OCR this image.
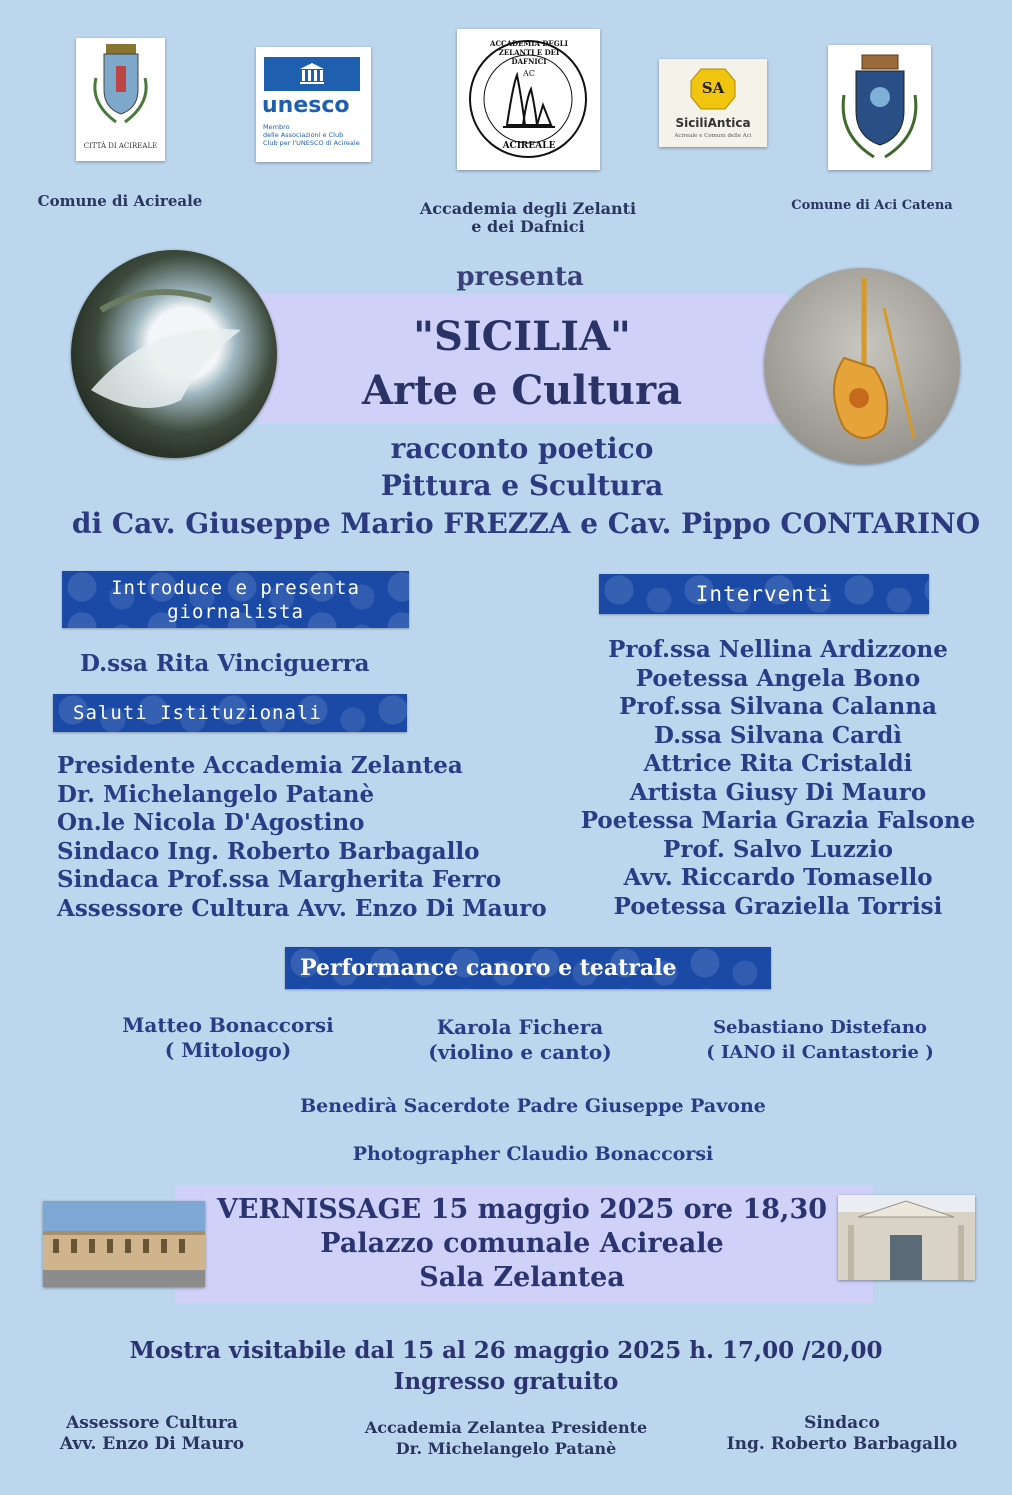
CITTÀ DI ACIREALE
unesco
Membro
delle Associazioni e Club
Club per l'UNESCO di Acireale
ACCADEMIA DEGLI ZELANTI E DEI DAFNICI
AC
ACIREALE
SA
SiciliAntica
Acireale e Comuni delle Aci
Comune di Acireale	Accademia degli Zelanti
e dei Dafnici
Comune di Aci Catena
presenta
"SICILIA"
Arte e Cultura
racconto poetico
Pittura e Scultura
di Cav. Giuseppe Mario FREZZA e Cav. Pippo CONTARINO
Introduce e presenta
giornalista
D.ssa Rita Vinciguerra
Saluti Istituzionali
Presidente Accademia Zelantea
Dr. Michelangelo Patanè
On.le Nicola D'Agostino
Sindaco Ing. Roberto Barbagallo
Sindaca Prof.ssa Margherita Ferro
Assessore Cultura Avv. Enzo Di Mauro
Interventi
Prof.ssa Nellina Ardizzone
Poetessa Angela Bono
Prof.ssa Silvana Calanna
D.ssa Silvana Cardì
Attrice Rita Cristaldi
Artista Giusy Di Mauro
Poetessa Maria Grazia Falsone
Prof. Salvo Luzzio
Avv. Riccardo Tomasello
Poetessa Graziella Torrisi
Performance canoro e teatrale
Matteo Bonaccorsi
( Mitologo)
Karola Fichera
(violino e canto)
Sebastiano Distefano
( IANO il Cantastorie )
Benedirà Sacerdote Padre Giuseppe Pavone
Photographer Claudio Bonaccorsi
VERNISSAGE 15 maggio 2025 ore 18,30
Palazzo comunale Acireale
Sala Zelantea
Mostra visitabile dal 15 al 26 maggio 2025 h. 17,00 /20,00
Ingresso gratuito
Assessore Cultura
Avv. Enzo Di Mauro
Accademia Zelantea Presidente
Dr. Michelangelo Patanè
Sindaco
Ing. Roberto Barbagallo
